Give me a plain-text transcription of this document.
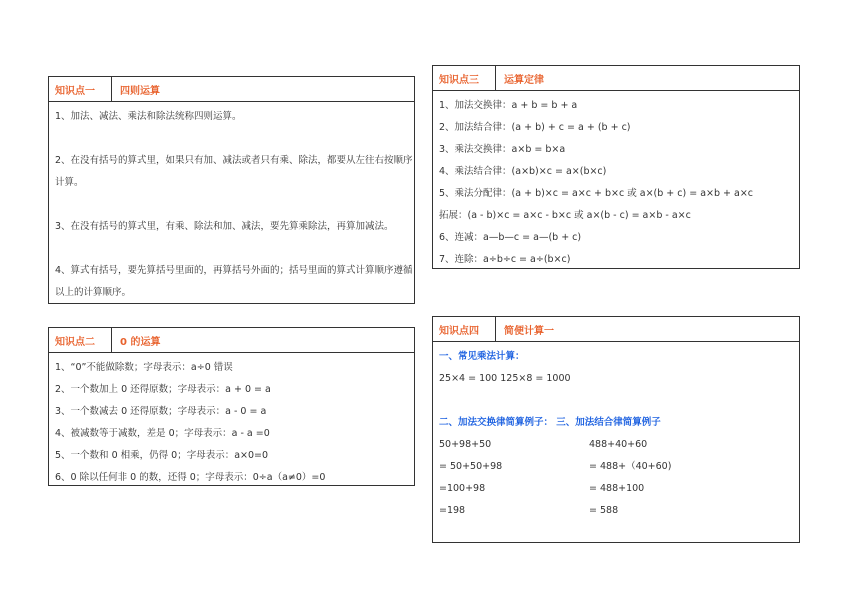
知识点一	四则运算
1、加法、减法、乘法和除法统称四则运算。
2、在没有括号的算式里，如果只有加、减法或者只有乘、除法，都要从左往右按顺序
计算。
3、在没有括号的算式里，有乘、除法和加、减法，要先算乘除法，再算加减法。
4、算式有括号，要先算括号里面的，再算括号外面的；括号里面的算式计算顺序遵循
以上的计算顺序。
知识点二	0 的运算
1、“0”不能做除数；字母表示：a÷0 错误
2、一个数加上 0 还得原数；字母表示：a + 0 = a
3、一个数减去 0 还得原数；字母表示：a - 0 = a
4、被减数等于减数，差是 0；字母表示：a - a =0
5、一个数和 0 相乘，仍得 0；字母表示：a×0=0
6、0 除以任何非 0 的数，还得 0；字母表示：0÷a（a≠0）=0
知识点三	运算定律
1、加法交换律：a + b = b + a
2、加法结合律：(a + b) + c = a + (b + c)
3、乘法交换律：a×b = b×a
4、乘法结合律：(a×b)×c = a×(b×c)
5、乘法分配律：(a + b)×c = a×c + b×c 或 a×(b + c) = a×b + a×c
拓展：(a - b)×c = a×c - b×c 或 a×(b - c) = a×b - a×c
6、连减：a—b—c = a—(b + c)
7、连除：a÷b÷c = a÷(b×c)
知识点四	简便计算一
一、常见乘法计算：
25×4 = 100 125×8 = 1000
二、加法交换律简算例子： 三、加法结合律简算例子
50+98+50	488+40+60
= 50+50+98	= 488+（40+60)
=100+98	= 488+100
=198	= 588
